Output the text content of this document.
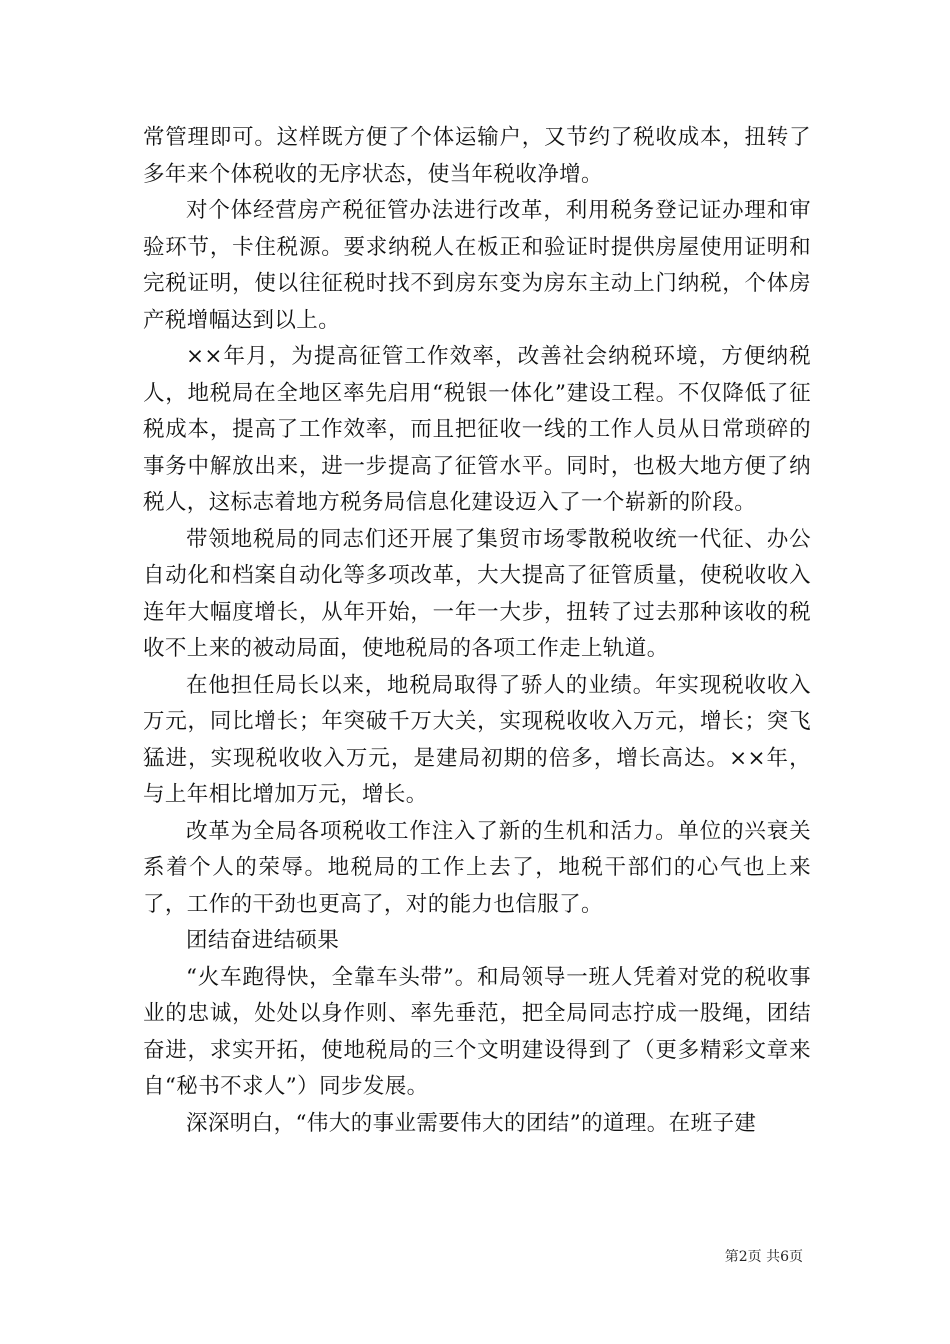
常管理即可。这样既方便了个体运输户，又节约了税收成本，扭转了多年来个体税收的无序状态，使当年税收净增。

对个体经营房产税征管办法进行改革，利用税务登记证办理和审验环节，卡住税源。要求纳税人在板正和验证时提供房屋使用证明和完税证明，使以往征税时找不到房东变为房东主动上门纳税，个体房产税增幅达到以上。

××年月，为提高征管工作效率，改善社会纳税环境，方便纳税人，地税局在全地区率先启用“税银一体化”建设工程。不仅降低了征税成本，提高了工作效率，而且把征收一线的工作人员从日常琐碎的事务中解放出来，进一步提高了征管水平。同时，也极大地方便了纳税人，这标志着地方税务局信息化建设迈入了一个崭新的阶段。

带领地税局的同志们还开展了集贸市场零散税收统一代征、办公自动化和档案自动化等多项改革，大大提高了征管质量，使税收收入连年大幅度增长，从年开始，一年一大步，扭转了过去那种该收的税收不上来的被动局面，使地税局的各项工作走上轨道。

在他担任局长以来，地税局取得了骄人的业绩。年实现税收收入万元，同比增长；年突破千万大关，实现税收收入万元，增长；突飞猛进，实现税收收入万元，是建局初期的倍多，增长高达。××年，与上年相比增加万元，增长。

改革为全局各项税收工作注入了新的生机和活力。单位的兴衰关系着个人的荣辱。地税局的工作上去了，地税干部们的心气也上来了，工作的干劲也更高了，对的能力也信服了。

团结奋进结硕果

“火车跑得快，全靠车头带”。和局领导一班人凭着对党的税收事业的忠诚，处处以身作则、率先垂范，把全局同志拧成一股绳，团结奋进，求实开拓，使地税局的三个文明建设得到了（更多精彩文章来自“秘书不求人”）同步发展。

深深明白，“伟大的事业需要伟大的团结”的道理。在班子建

第2页 共6页
